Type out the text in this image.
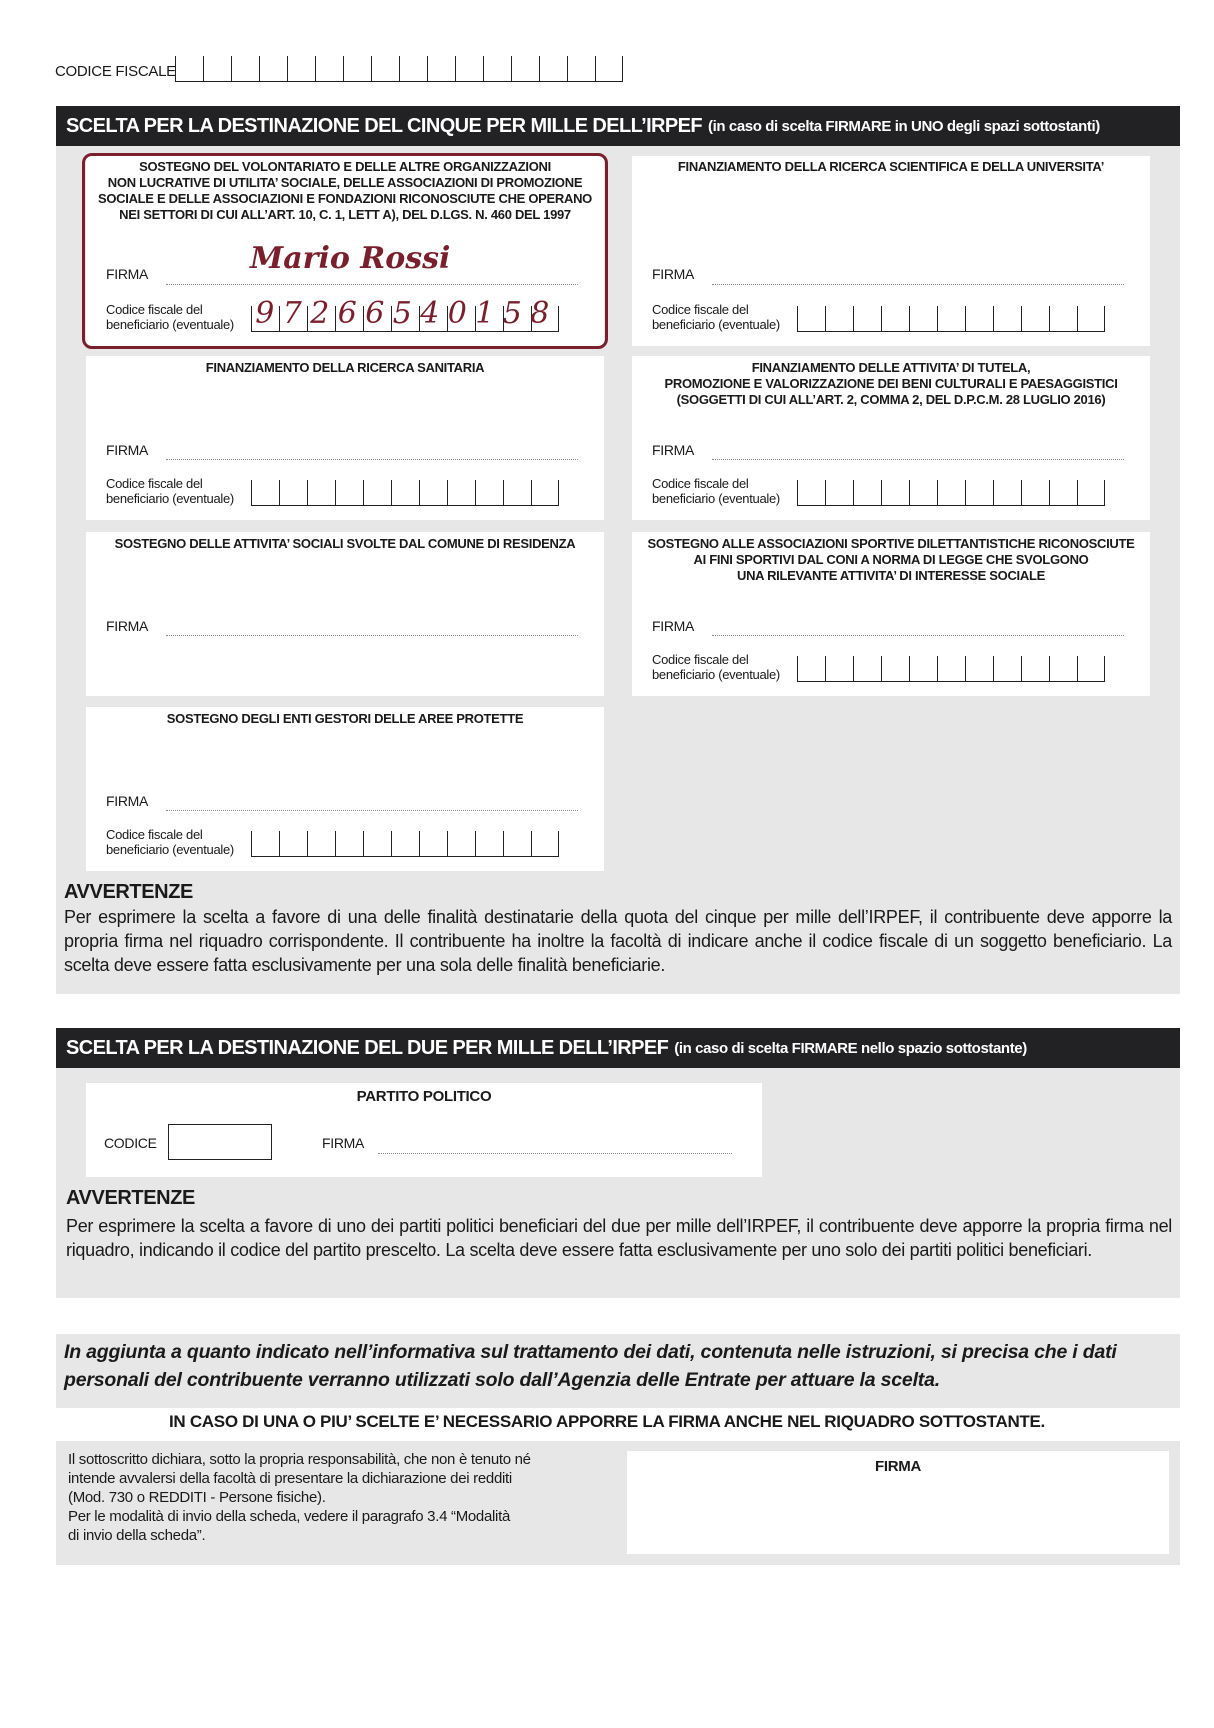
CODICE FISCALE
SCELTA PER LA DESTINAZIONE DEL CINQUE PER MILLE DELL’IRPEF (in caso di scelta FIRMARE in UNO degli spazi sottostanti)
SOSTEGNO DEL VOLONTARIATO E DELLE ALTRE ORGANIZZAZIONI
NON LUCRATIVE DI UTILITA’ SOCIALE, DELLE ASSOCIAZIONI DI PROMOZIONE
SOCIALE E DELLE ASSOCIAZIONI E FONDAZIONI RICONOSCIUTE CHE OPERANO
NEI SETTORI DI CUI ALL’ART. 10, C. 1, LETT A), DEL D.LGS. N. 460 DEL 1997
FIRMA	Mario Rossi
Codice fiscale del
beneficiario (eventuale) 9 7 2 6 6 5 4 0 1 5 8
FINANZIAMENTO DELLA RICERCA SCIENTIFICA E DELLA UNIVERSITA’
FIRMA
Codice fiscale del
beneficiario (eventuale)
FINANZIAMENTO DELLA RICERCA SANITARIA
FIRMA
Codice fiscale del
beneficiario (eventuale)
FINANZIAMENTO DELLE ATTIVITA’ DI TUTELA,
PROMOZIONE E VALORIZZAZIONE DEI BENI CULTURALI E PAESAGGISTICI
(SOGGETTI DI CUI ALL’ART. 2, COMMA 2, DEL D.P.C.M. 28 LUGLIO 2016)
FIRMA
Codice fiscale del
beneficiario (eventuale)
SOSTEGNO DELLE ATTIVITA’ SOCIALI SVOLTE DAL COMUNE DI RESIDENZA
FIRMA
SOSTEGNO ALLE ASSOCIAZIONI SPORTIVE DILETTANTISTICHE RICONOSCIUTE
AI FINI SPORTIVI DAL CONI A NORMA DI LEGGE CHE SVOLGONO
UNA RILEVANTE ATTIVITA’ DI INTERESSE SOCIALE
FIRMA
Codice fiscale del
beneficiario (eventuale)
SOSTEGNO DEGLI ENTI GESTORI DELLE AREE PROTETTE
FIRMA
Codice fiscale del
beneficiario (eventuale)
AVVERTENZE
Per esprimere la scelta a favore di una delle finalità destinatarie della quota del cinque per mille dell’IRPEF, il contribuente deve apporre la propria firma nel riquadro corrispondente. Il contribuente ha inoltre la facoltà di indicare anche il codice fiscale di un soggetto beneficiario. La scelta deve essere fatta esclusivamente per una sola delle finalità beneficiarie.
SCELTA PER LA DESTINAZIONE DEL DUE PER MILLE DELL’IRPEF (in caso di scelta FIRMARE nello spazio sottostante)
PARTITO POLITICO
CODICE	FIRMA
AVVERTENZE
Per esprimere la scelta a favore di uno dei partiti politici beneficiari del due per mille dell’IRPEF, il contribuente deve apporre la propria firma nel riquadro, indicando il codice del partito prescelto. La scelta deve essere fatta esclusivamente per uno solo dei partiti politici beneficiari.
In aggiunta a quanto indicato nell’informativa sul trattamento dei dati, contenuta nelle istruzioni, si precisa che i dati personali del contribuente verranno utilizzati solo dall’Agenzia delle Entrate per attuare la scelta.
IN CASO DI UNA O PIU’ SCELTE E’ NECESSARIO APPORRE LA FIRMA ANCHE NEL RIQUADRO SOTTOSTANTE.
Il sottoscritto dichiara, sotto la propria responsabilità, che non è tenuto né
intende avvalersi della facoltà di presentare la dichiarazione dei redditi
(Mod. 730 o REDDITI - Persone fisiche).
Per le modalità di invio della scheda, vedere il paragrafo 3.4 “Modalità
di invio della scheda”.
FIRMA
